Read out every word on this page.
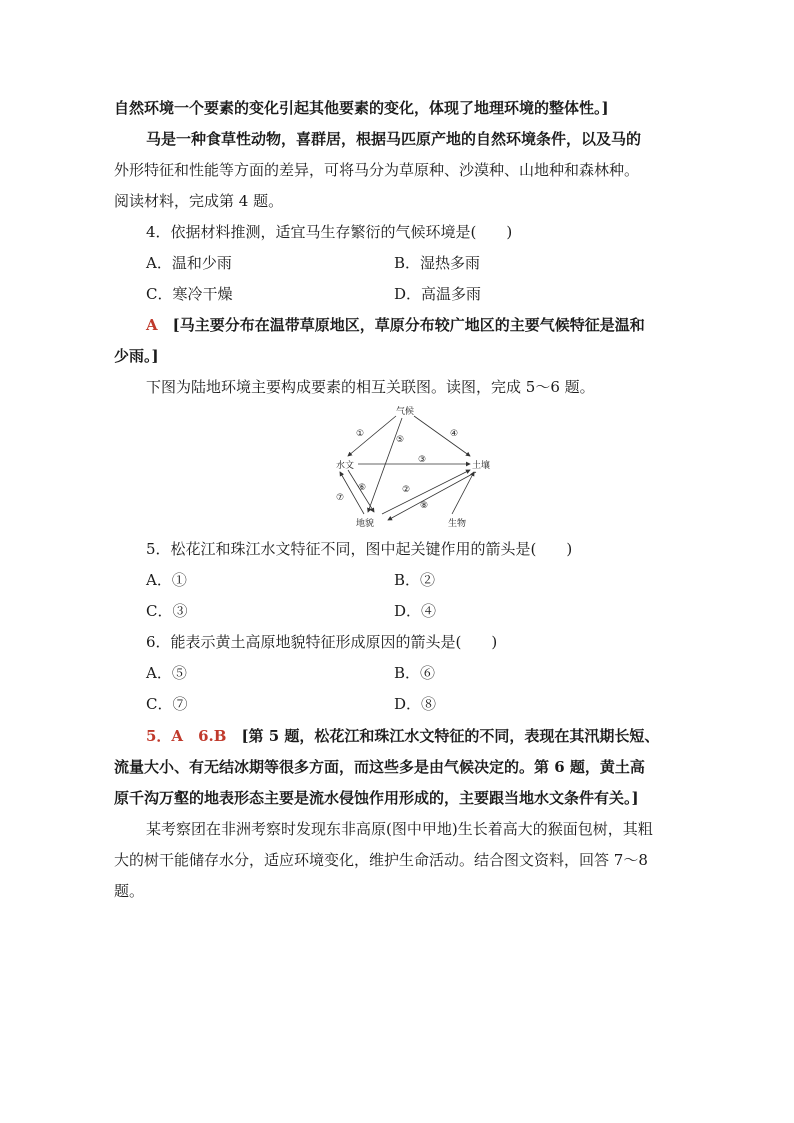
自然环境一个要素的变化引起其他要素的变化，体现了地理环境的整体性。]
马是一种食草性动物，喜群居，根据马匹原产地的自然环境条件，以及马的
外形特征和性能等方面的差异，可将马分为草原种、沙漠种、山地种和森林种。
阅读材料，完成第 4 题。
4．依据材料推测，适宜马生存繁衍的气候环境是(　　)
A．温和少雨	B．湿热多雨
C．寒冷干燥	D．高温多雨
A　 [马主要分布在温带草原地区，草原分布较广地区的主要气候特征是温和
少雨。]
下图为陆地环境主要构成要素的相互关联图。读图，完成 5～6 题。
气候
水文	土壤
地貌	生物
①
⑤
④
③
⑥
⑦
②
⑧
5．松花江和珠江水文特征不同，图中起关键作用的箭头是(　　)
A．①	B．②
C．③	D．④
6．能表示黄土高原地貌特征形成原因的箭头是(　　)
A．⑤	B．⑥
C．⑦	D．⑧
5．A　6.B　 [第 5 题，松花江和珠江水文特征的不同，表现在其汛期长短、
流量大小、有无结冰期等很多方面，而这些多是由气候决定的。第 6 题，黄土高
原千沟万壑的地表形态主要是流水侵蚀作用形成的，主要跟当地水文条件有关。]
某考察团在非洲考察时发现东非高原(图中甲地)生长着高大的猴面包树，其粗
大的树干能储存水分，适应环境变化，维护生命活动。结合图文资料，回答 7～8
题。
